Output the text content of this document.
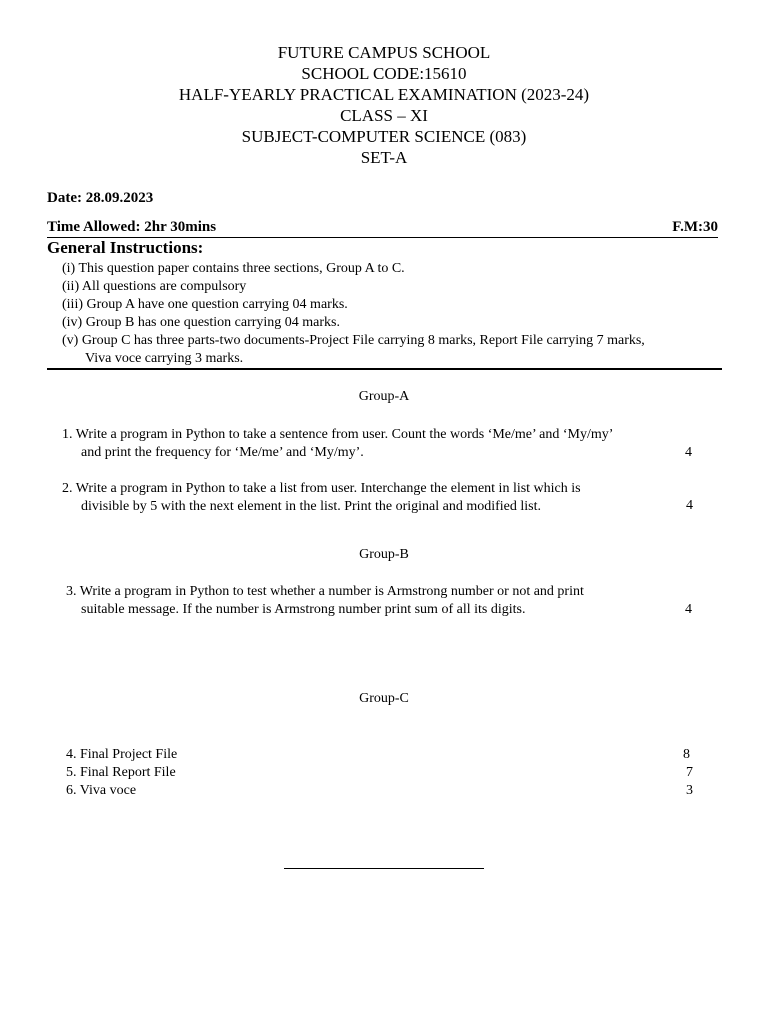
FUTURE CAMPUS SCHOOL
SCHOOL CODE:15610
HALF-YEARLY PRACTICAL EXAMINATION (2023-24)
CLASS – XI
SUBJECT-COMPUTER SCIENCE (083)
SET-A
Date: 28.09.2023
Time Allowed: 2hr 30mins	F.M:30
General Instructions:
(i) This question paper contains three sections, Group A to C.
(ii) All questions are compulsory
(iii) Group A have one question carrying 04 marks.
(iv) Group B has one question carrying 04 marks.
(v) Group C has three parts-two documents-Project File carrying 8 marks, Report File carrying 7 marks,
Viva voce carrying 3 marks.
Group-A
1. Write a program in Python to take a sentence from user. Count the words ‘Me/me’ and ‘My/my’
and print the frequency for ‘Me/me’ and ‘My/my’.	4
2. Write a program in Python to take a list from user. Interchange the element in list which is
divisible by 5 with the next element in the list. Print the original and modified list.	4
Group-B
3. Write a program in Python to test whether a number is Armstrong number or not and print
suitable message. If the number is Armstrong number print sum of all its digits.	4
Group-C
4. Final Project File	8
5. Final Report File	7
6. Viva voce	3
